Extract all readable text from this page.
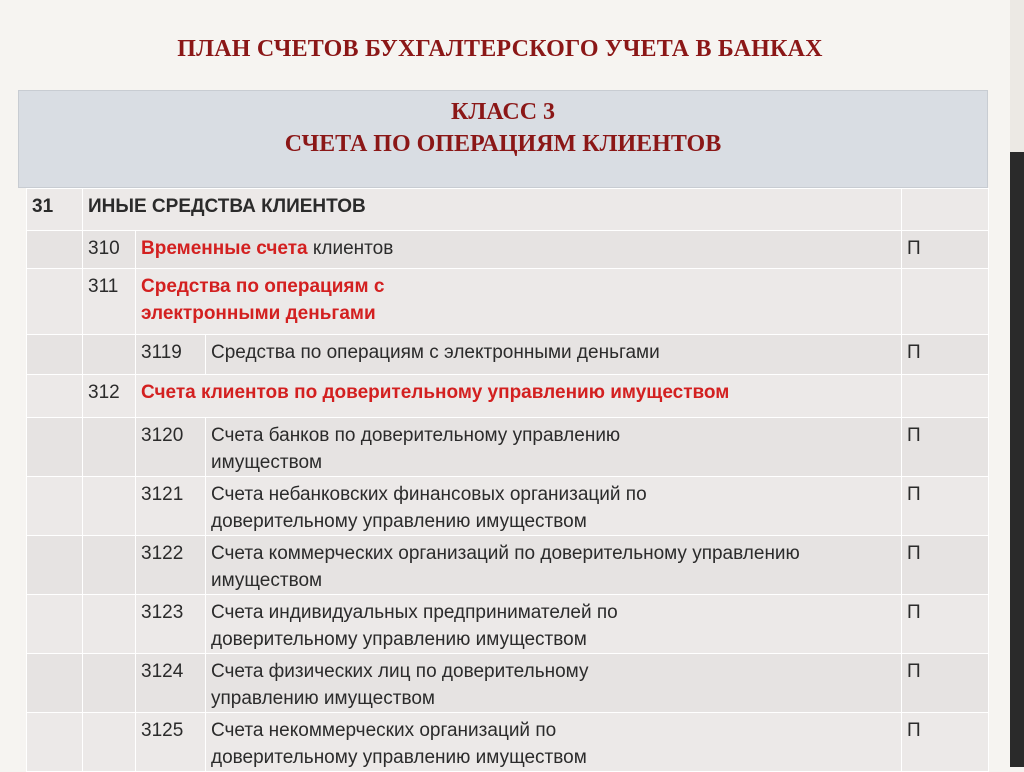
ПЛАН СЧЕТОВ БУХГАЛТЕРСКОГО УЧЕТА В БАНКАХ
КЛАСС 3
СЧЕТА ПО ОПЕРАЦИЯМ КЛИЕНТОВ
31	ИНЫЕ СРЕДСТВА КЛИЕНТОВ			
	310	Временные счета клиентов		П
	311	Средства по операциям с электронными деньгами		

		3119	Средства по операциям с электронными деньгами	П
	312	Счета клиентов по доверительному управлению имуществом		
		3120	Счета банков по доверительному управлению имуществом	П
		3121	Счета небанковских финансовых организаций по доверительному управлению имуществом	П
		3122	Счета коммерческих организаций по доверительному управлению имуществом	П
		3123	Счета индивидуальных предпринимателей по доверительному управлению имуществом	П
		3124	Счета физических лиц по доверительному управлению имуществом	П
		3125	Счета некоммерческих организаций по доверительному управлению имуществом	П
